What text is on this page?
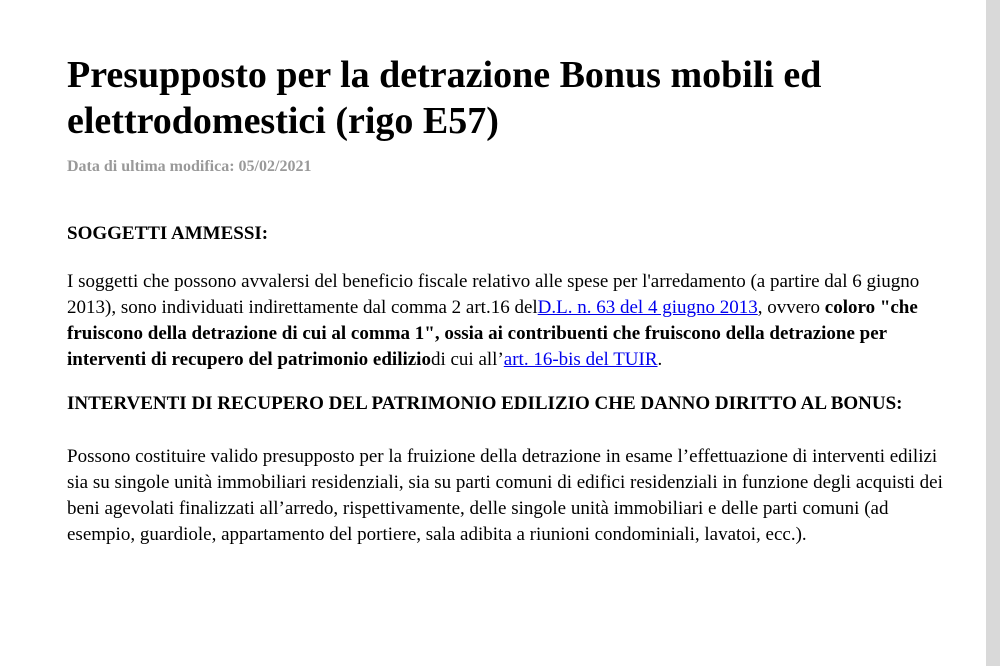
Presupposto per la detrazione Bonus mobili ed elettrodomestici (rigo E57)
Data di ultima modifica: 05/02/2021
SOGGETTI AMMESSI:

I soggetti che possono avvalersi del beneficio fiscale relativo alle spese per l'arredamento (a partire dal 6 giugno 2013), sono individuati indirettamente dal comma 2 art.16 delD.L. n. 63 del 4 giugno 2013, ovvero coloro "che fruiscono della detrazione di cui al comma 1", ossia ai contribuenti che fruiscono della detrazione per interventi di recupero del patrimonio ediliziodi cui all’art. 16-bis del TUIR.

INTERVENTI DI RECUPERO DEL PATRIMONIO EDILIZIO CHE DANNO DIRITTO AL BONUS:

Possono costituire valido presupposto per la fruizione della detrazione in esame l’effettuazione di interventi edilizi sia su singole unità immobiliari residenziali, sia su parti comuni di edifici residenziali in funzione degli acquisti dei beni agevolati finalizzati all’arredo, rispettivamente, delle singole unità immobiliari e delle parti comuni (ad esempio, guardiole, appartamento del portiere, sala adibita a riunioni condominiali, lavatoi, ecc.).
